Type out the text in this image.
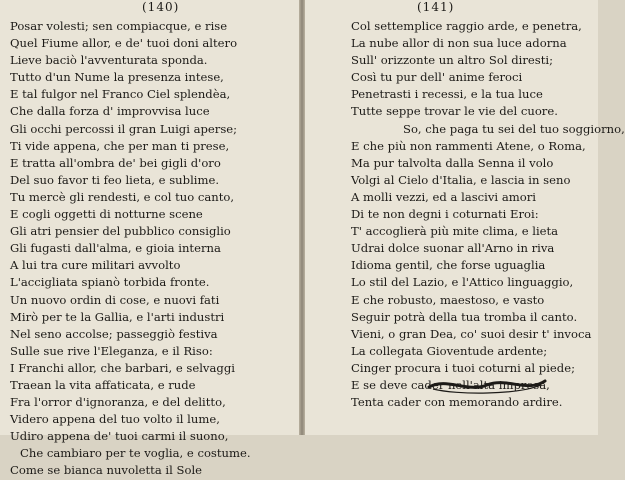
(140)
Posar volesti; sen compiacque, e rise
Quel Fiume allor, e de' tuoi doni altero
Lieve baciò l'avventurata sponda.
Tutto d'un Nume la presenza intese,
E tal fulgor nel Franco Ciel splendèa,
Che dalla forza d' improvvisa luce
Gli occhi percossi il gran Luigi aperse;
Ti vide appena, che per man ti prese,
E tratta all'ombra de' bei gigli d'oro
Del suo favor ti feo lieta, e sublime.
Tu mercè gli rendesti, e col tuo canto,
E cogli oggetti di notturne scene
Gli atri pensier del pubblico consiglio
Gli fugasti dall'alma, e gioia interna
A lui tra cure militari avvolto
L'accigliata spianò torbida fronte.
Un nuovo ordin di cose, e nuovi fati
Mirò per te la Gallia, e l'arti industri
Nel seno accolse; passeggiò festiva
Sulle sue rive l'Eleganza, e il Riso:
I Franchi allor, che barbari, e selvaggi
Traean la vita affaticata, e rude
Fra l'orror d'ignoranza, e del delitto,
Videro appena del tuo volto il lume,
Udiro appena de' tuoi carmi il suono,
Che cambiaro per te voglia, e costume.
Come se bianca nuvoletta il Sole
(141)
Col settemplice raggio arde, e penetra,
La nube allor di non sua luce adorna
Sull' orizzonte un altro Sol diresti;
Così tu pur dell' anime feroci
Penetrasti i recessi, e la tua luce
Tutte seppe trovar le vie del cuore.
So, che paga tu sei del tuo soggiorno,
E che più non rammenti Atene, o Roma,
Ma pur talvolta dalla Senna il volo
Volgi al Cielo d'Italia, e lascia in seno
A molli vezzi, ed a lascivi amori
Di te non degni i coturnati Eroi:
T' accoglierà più mite clima, e lieta
Udrai dolce suonar all'Arno in riva
Idioma gentil, che forse uguaglia
Lo stil del Lazio, e l'Attico linguaggio,
E che robusto, maestoso, e vasto
Seguir potrà della tua tromba il canto.
Vieni, o gran Dea, co' suoi desir t' invoca
La collegata Gioventude ardente;
Cinger procura i tuoi coturni al piede;
E se deve cader nell'alta impresa,
Tenta cader con memorando ardire.
